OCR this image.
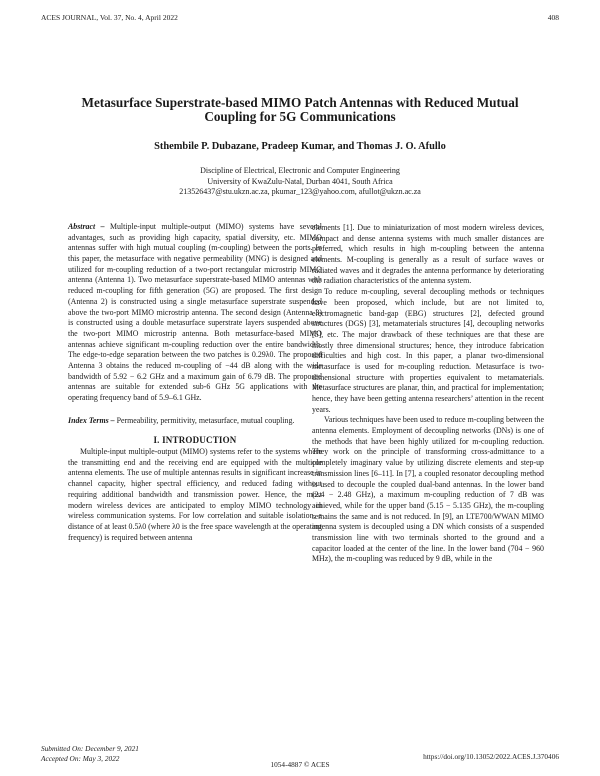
ACES JOURNAL, Vol. 37, No. 4, April 2022	408
Metasurface Superstrate-based MIMO Patch Antennas with Reduced Mutual
Coupling for 5G Communications
Sthembile P. Dubazane, Pradeep Kumar, and Thomas J. O. Afullo
Discipline of Electrical, Electronic and Computer Engineering
University of KwaZulu-Natal, Durban 4041, South Africa
213526437@stu.ukzn.ac.za, pkumar_123@yahoo.com, afullot@ukzn.ac.za

Abstract – Multiple-input multiple-output (MIMO) systems have several advantages, such as providing high capacity, spatial diversity, etc. MIMO antennas suffer with high mutual coupling (m-coupling) between the ports. In this paper, the metasurface with negative permeability (MNG) is designed and utilized for m-coupling reduction of a two-port rectangular microstrip MIMO antenna (Antenna 1). Two metasurface superstrate-based MIMO antennas with reduced m-coupling for fifth generation (5G) are proposed. The first design (Antenna 2) is constructed using a single metasurface superstrate suspended above the two-port MIMO microstrip antenna. The second design (Antenna 3) is constructed using a double metasurface superstrate layers suspended above the two-port MIMO microstrip antenna. Both metasurface-based MIMO antennas achieve significant m-coupling reduction over the entire bandwidth. The edge-to-edge separation between the two patches is 0.29λ0. The proposed Antenna 3 obtains the reduced m-coupling of −44 dB along with the wide bandwidth of 5.92 − 6.2 GHz and a maximum gain of 6.79 dB. The proposed antennas are suitable for extended sub-6 GHz 5G applications with the operating frequency band of 5.9–6.1 GHz.

Index Terms – Permeability, permitivity, metasurface, mutual coupling.

I. INTRODUCTION

Multiple-input multiple-output (MIMO) systems refer to the systems where the transmitting end and the receiving end are equipped with the multiple antenna elements. The use of multiple antennas results in significant increase in channel capacity, higher spectral efficiency, and reduced fading without requiring additional bandwidth and transmission power. Hence, the most modern wireless devices are anticipated to employ MIMO technology in wireless communication systems. For low correlation and suitable isolation, a distance of at least 0.5λ0 (where λ0 is the free space wavelength at the operating frequency) is required between antenna

elements [1]. Due to miniaturization of most modern wireless devices, compact and dense antenna systems with much smaller distances are preferred, which results in high m-coupling between the antenna elements. M-coupling is generally as a result of surface waves or radiated waves and it degrades the antenna performance by deteriorating the radiation characteristics of the antenna system.

To reduce m-coupling, several decoupling methods or techniques have been proposed, which include, but are not limited to, electromagnetic band-gap (EBG) structures [2], defected ground structures (DGS) [3], metamaterials structures [4], decoupling networks [5], etc. The major drawback of these techniques are that these are mostly three dimensional structures; hence, they introduce fabrication difficulties and high cost. In this paper, a planar two-dimensional metasurface is used for m-coupling reduction. Metasurface is two-dimensional structure with properties equivalent to metamaterials. Metasurface structures are planar, thin, and practical for implementation; hence, they have been getting antenna researchers’ attention in the recent years.

Various techniques have been used to reduce m-coupling between the antenna elements. Employment of decoupling networks (DNs) is one of the methods that have been highly utilized for m-coupling reduction. They work on the principle of transforming cross-admittance to a completely imaginary value by utilizing discrete elements and step-up transmission lines [6–11]. In [7], a coupled resonator decoupling method is used to decouple the coupled dual-band antennas. In the lower band (2.4 − 2.48 GHz), a maximum m-coupling reduction of 7 dB was achieved, while for the upper band (5.15 − 5.135 GHz), the m-coupling remains the same and is not reduced. In [9], an LTE700/WWAN MIMO antenna system is decoupled using a DN which consists of a suspended transmission line with two terminals shorted to the ground and a capacitor loaded at the center of the line. In the lower band (704 − 960 MHz), the m-coupling was reduced by 9 dB, while in the

Submitted On: December 9, 2021
Accepted On: May 3, 2022
1054-4887 © ACES
https://doi.org/10.13052/2022.ACES.J.370406
